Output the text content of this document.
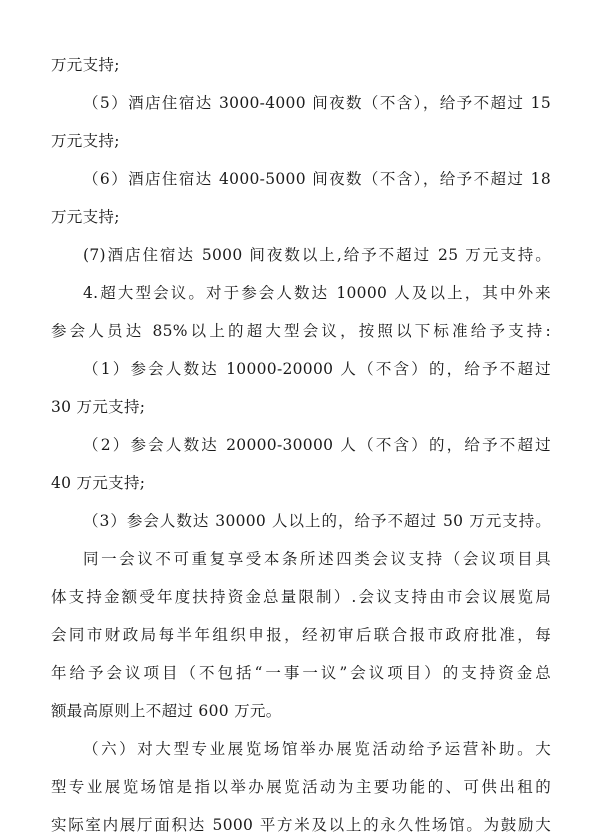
万元支持;
（5）酒店住宿达 3000-4000 间夜数（不含），给予不超过 15
万元支持;
（6）酒店住宿达 4000-5000 间夜数（不含），给予不超过 18
万元支持;
(7)酒店住宿达 5000 间夜数以上,给予不超过 25 万元支持。
4.超大型会议。对于参会人数达 10000 人及以上，其中外来
参会人员达 85%以上的超大型会议，按照以下标准给予支持:
（1）参会人数达 10000-20000 人（不含）的，给予不超过
30 万元支持;
（2）参会人数达 20000-30000 人（不含）的，给予不超过
40 万元支持;
（3）参会人数达 30000 人以上的，给予不超过 50 万元支持。
同一会议不可重复享受本条所述四类会议支持（会议项目具
体支持金额受年度扶持资金总量限制）.会议支持由市会议展览局
会同市财政局每半年组织申报，经初审后联合报市政府批准，每
年给予会议项目（不包括“一事一议”会议项目）的支持资金总
额最高原则上不超过 600 万元。
（六）对大型专业展览场馆举办展览活动给予运营补助。大
型专业展览场馆是指以举办展览活动为主要功能的、可供出租的
实际室内展厅面积达 5000 平方米及以上的永久性场馆。为鼓励大
